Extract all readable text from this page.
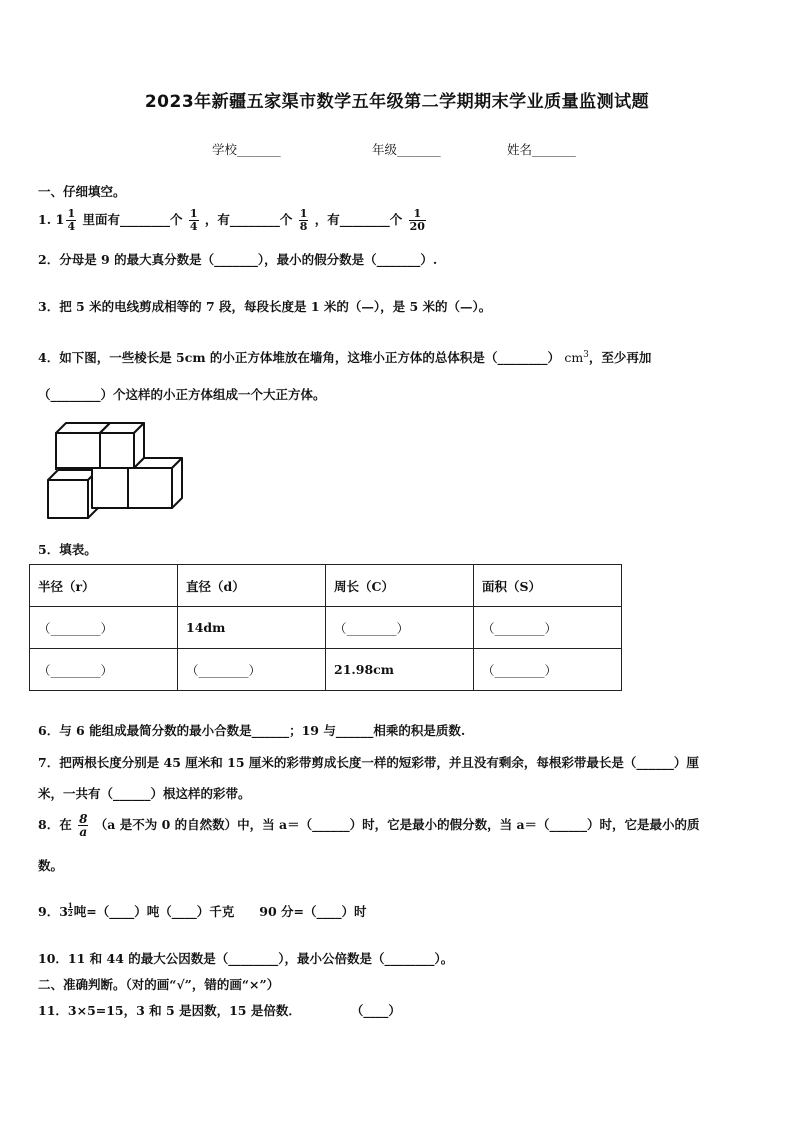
2023年新疆五家渠市数学五年级第二学期期末学业质量监测试题
学校_______	年级_______	姓名_______
一、仔细填空。
1. $1 \frac{1}{4}$ 里面有________个 $\frac{1}{4}$ ，有________个 $\frac{1}{8}$ ，有________个 $\frac{1}{20}$
2．分母是 9 的最大真分数是（_______），最小的假分数是（_______）.
3．把 5 米的电线剪成相等的 7 段，每段长度是 1 米的（—），是 5 米的（—）。
4．如下图，一些棱长是 5cm 的小正方体堆放在墙角，这堆小正方体的总体积是（________） $cm^3$，至少再加
（________）个这样的小正方体组成一个大正方体。
5．填表。
半径（r）	直径（d）	周长（C）	面积（S）
（________）	14dm	（________）	（________）
（________）	（________）	21.98cm	（________）
6．与 6 能组成最简分数的最小合数是______；19 与______相乘的积是质数.
7．把两根长度分别是 45 厘米和 15 厘米的彩带剪成长度一样的短彩带，并且没有剩余，每根彩带最长是（______）厘
米，一共有（______）根这样的彩带。
8．在 $\frac{8}{a} (a$ 是不为 0 的自然数）中，当 a＝（______）时，它是最小的假分数，当 a＝（______）时，它是最小的质
数。
9．$3 \frac{1}{2}$ 吨=（____）吨（____）千克　　90 分=（____）时
10．11 和 44 的最大公因数是（________），最小公倍数是（________）。
二、准确判断。（对的画“√”，错的画“×”）
11．3×5=15，3 和 5 是因数，15 是倍数．　　　　　（____）
